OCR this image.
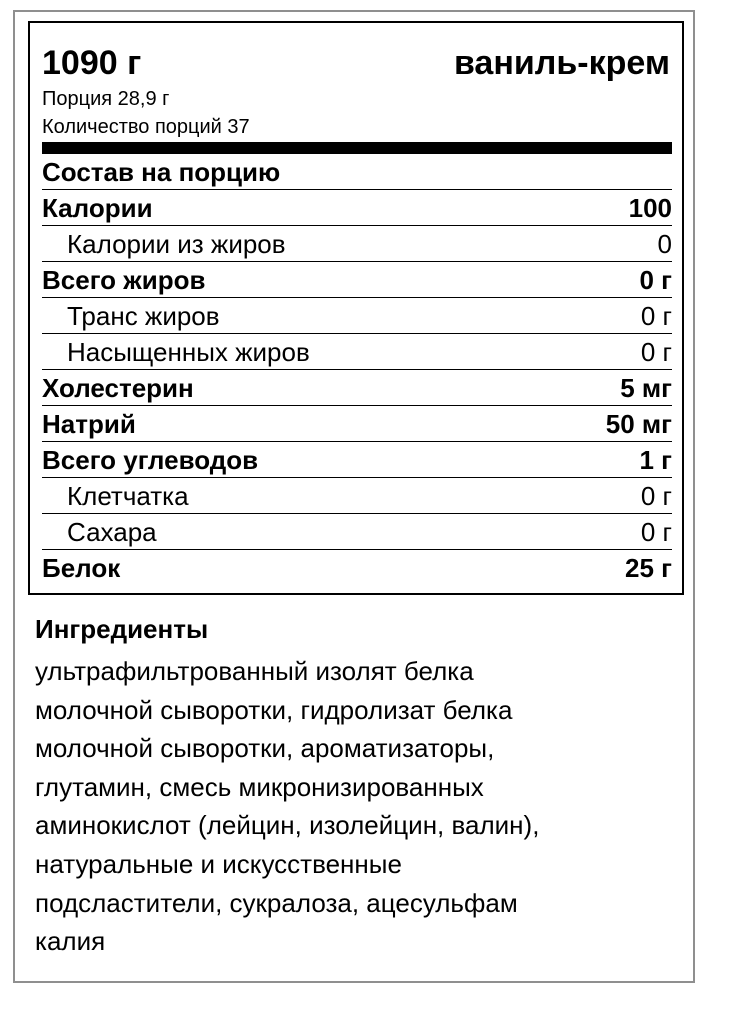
1090 г	ваниль-крем
Порция 28,9 г
Количество порций 37
Состав на порцию
Калории	100
Калории из жиров	0
Всего жиров	0 г
Транс жиров	0 г
Насыщенных жиров	0 г
Холестерин	5 мг
Натрий	50 мг
Всего углеводов	1 г
Клетчатка	0 г
Сахара	0 г
Белок	25 г
Ингредиенты
ультрафильтрованный изолят белка
молочной сыворотки, гидролизат белка
молочной сыворотки, ароматизаторы,
глутамин, смесь микронизированных
аминокислот (лейцин, изолейцин, валин),
натуральные и искусственные
подсластители, сукралоза, ацесульфам
калия
